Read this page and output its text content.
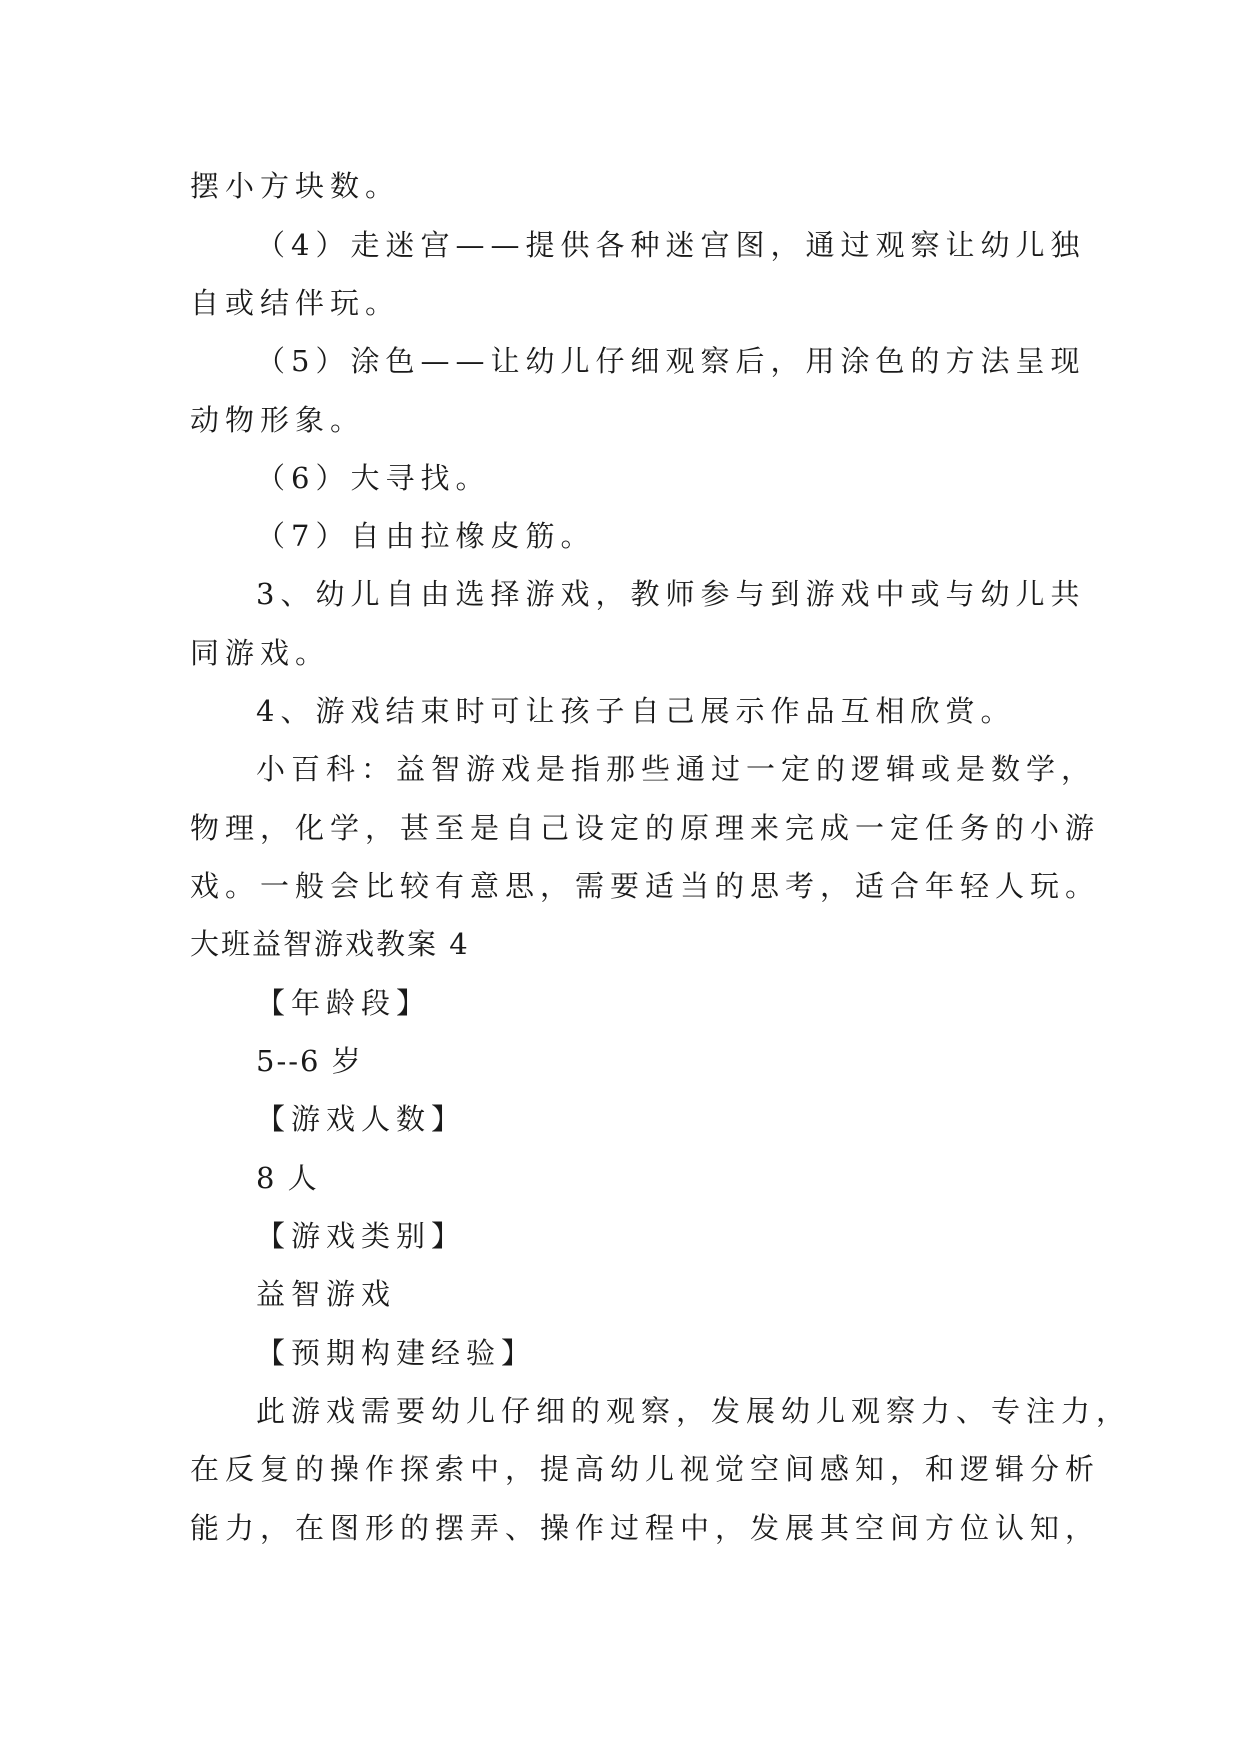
摆小方块数。
（4）走迷宫——提供各种迷宫图，通过观察让幼儿独
自或结伴玩。
（5）涂色——让幼儿仔细观察后，用涂色的方法呈现
动物形象。
（6）大寻找。
（7）自由拉橡皮筋。
3、幼儿自由选择游戏，教师参与到游戏中或与幼儿共
同游戏。
4、游戏结束时可让孩子自己展示作品互相欣赏。
小百科：益智游戏是指那些通过一定的逻辑或是数学，
物理，化学，甚至是自己设定的原理来完成一定任务的小游
戏。一般会比较有意思，需要适当的思考，适合年轻人玩。
大班益智游戏教案 4
【年龄段】
5--6 岁
【游戏人数】
8 人
【游戏类别】
益智游戏
【预期构建经验】
此游戏需要幼儿仔细的观察，发展幼儿观察力、专注力，
在反复的操作探索中，提高幼儿视觉空间感知，和逻辑分析
能力，在图形的摆弄、操作过程中，发展其空间方位认知，
